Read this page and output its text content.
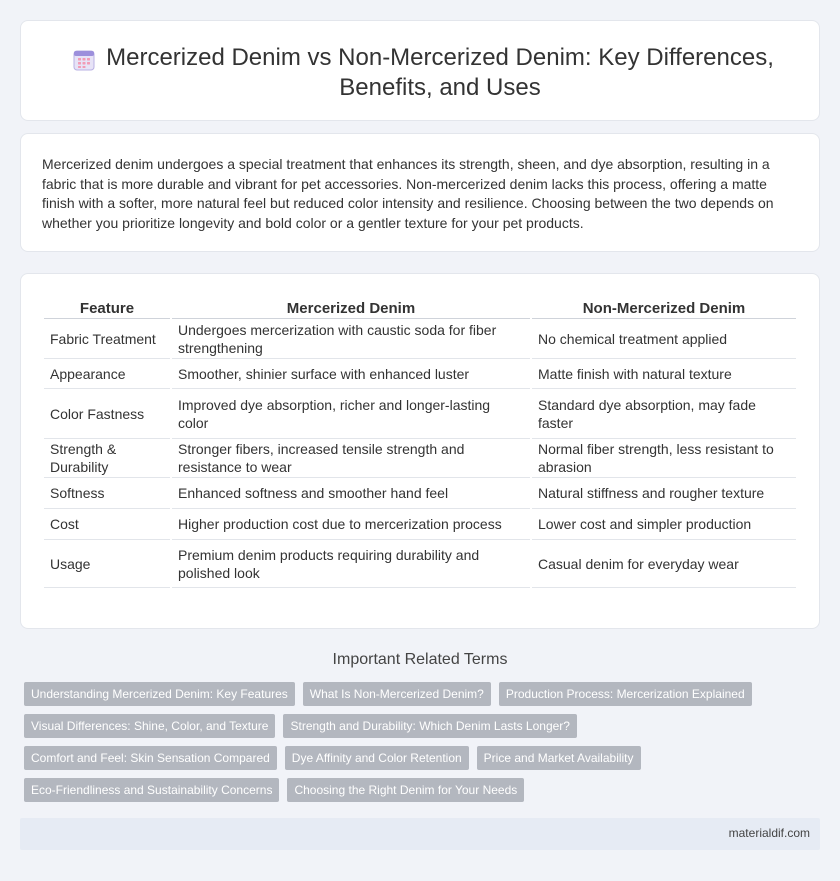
Mercerized Denim vs Non-Mercerized Denim: Key Differences, Benefits, and Uses

Mercerized denim undergoes a special treatment that enhances its strength, sheen, and dye absorption, resulting in a fabric that is more durable and vibrant for pet accessories. Non-mercerized denim lacks this process, offering a matte finish with a softer, more natural feel but reduced color intensity and resilience. Choosing between the two depends on whether you prioritize longevity and bold color or a gentler texture for your pet products.

Feature	Mercerized Denim	Non-Mercerized Denim
Fabric Treatment	Undergoes mercerization with caustic soda for fiber strengthening	No chemical treatment applied
Appearance	Smoother, shinier surface with enhanced luster	Matte finish with natural texture
Color Fastness	Improved dye absorption, richer and longer-lasting color	Standard dye absorption, may fade faster
Strength & Durability	Stronger fibers, increased tensile strength and resistance to wear	Normal fiber strength, less resistant to abrasion
Softness	Enhanced softness and smoother hand feel	Natural stiffness and rougher texture
Cost	Higher production cost due to mercerization process	Lower cost and simpler production
Usage	Premium denim products requiring durability and polished look	Casual denim for everyday wear
Important Related Terms
Understanding Mercerized Denim: Key Features	What Is Non-Mercerized Denim?	Production Process: Mercerization Explained
Visual Differences: Shine, Color, and Texture	Strength and Durability: Which Denim Lasts Longer?
Comfort and Feel: Skin Sensation Compared	Dye Affinity and Color Retention	Price and Market Availability
Eco-Friendliness and Sustainability Concerns	Choosing the Right Denim for Your Needs
materialdif.com
